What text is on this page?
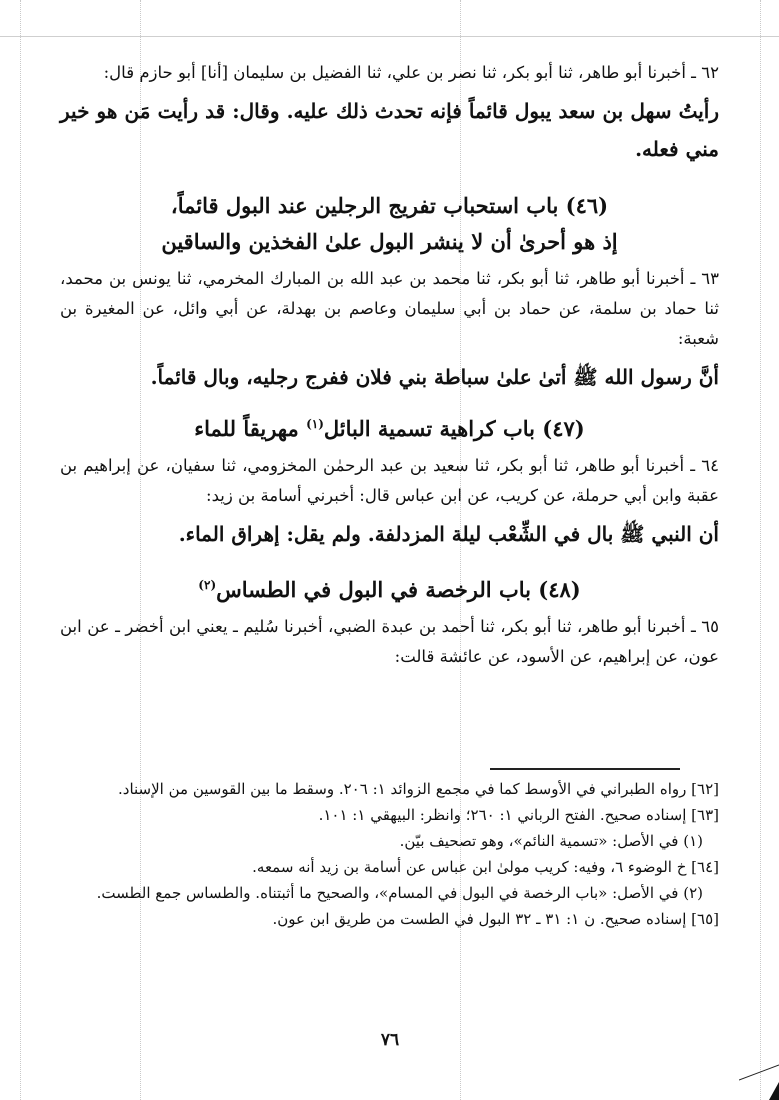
٦٢ ـ أخبرنا أبو طاهر، ثنا أبو بكر، ثنا نصر بن علي، ثنا الفضيل بن سليمان [أنا] أبو حازم قال:

رأيتُ سهل بن سعد يبول قائماً فإنه تحدث ذلك عليه. وقال: قد رأيت مَن هو خير مني فعله.

(٤٦) باب استحباب تفريج الرجلين عند البول قائماً،

إذ هو أحرىٰ أن لا ينشر البول علىٰ الفخذين والساقين

٦٣ ـ أخبرنا أبو طاهر، ثنا أبو بكر، ثنا محمد بن عبد الله بن المبارك المخرمي، ثنا يونس بن محمد، ثنا حماد بن سلمة، عن حماد بن أبي سليمان وعاصم بن بهدلة، عن أبي وائل، عن المغيرة بن شعبة:

أنَّ رسول الله ﷺ أتىٰ علىٰ سباطة بني فلان ففرج رجليه، وبال قائماً.

(٤٧) باب كراهية تسمية البائل$^{(١)}$ مهريقاً للماء

٦٤ ـ أخبرنا أبو طاهر، ثنا أبو بكر، ثنا سعيد بن عبد الرحمٰن المخزومي، ثنا سفيان، عن إبراهيم بن عقبة وابن أبي حرملة، عن كريب، عن ابن عباس قال: أخبرني أسامة بن زيد:

أن النبي ﷺ بال في الشِّعْب ليلة المزدلفة. ولم يقل: إهراق الماء.

(٤٨) باب الرخصة في البول في الطساس$^{(٢)}$

٦٥ ـ أخبرنا أبو طاهر، ثنا أبو بكر، ثنا أحمد بن عبدة الضبي، أخبرنا سُليم ـ يعني ابن أخضر ـ عن ابن عون، عن إبراهيم، عن الأسود، عن عائشة قالت:

[٦٢] رواه الطبراني في الأوسط كما في مجمع الزوائد ١: ٢٠٦. وسقط ما بين القوسين من الإسناد.

[٦٣] إسناده صحيح. الفتح الرباني ١: ٢٦٠؛ وانظر: البيهقي ١: ١٠١.

(١) في الأصل: «تسمية النائم»، وهو تصحيف بيّن.

[٦٤] خ الوضوء ٦، وفيه: كريب مولىٰ ابن عباس عن أسامة بن زيد أنه سمعه.

(٢) في الأصل: «باب الرخصة في البول في المسام»، والصحيح ما أثبتناه. والطساس جمع الطست.

[٦٥] إسناده صحيح. ن ١: ٣١ ـ ٣٢ البول في الطست من طريق ابن عون.

٧٦
